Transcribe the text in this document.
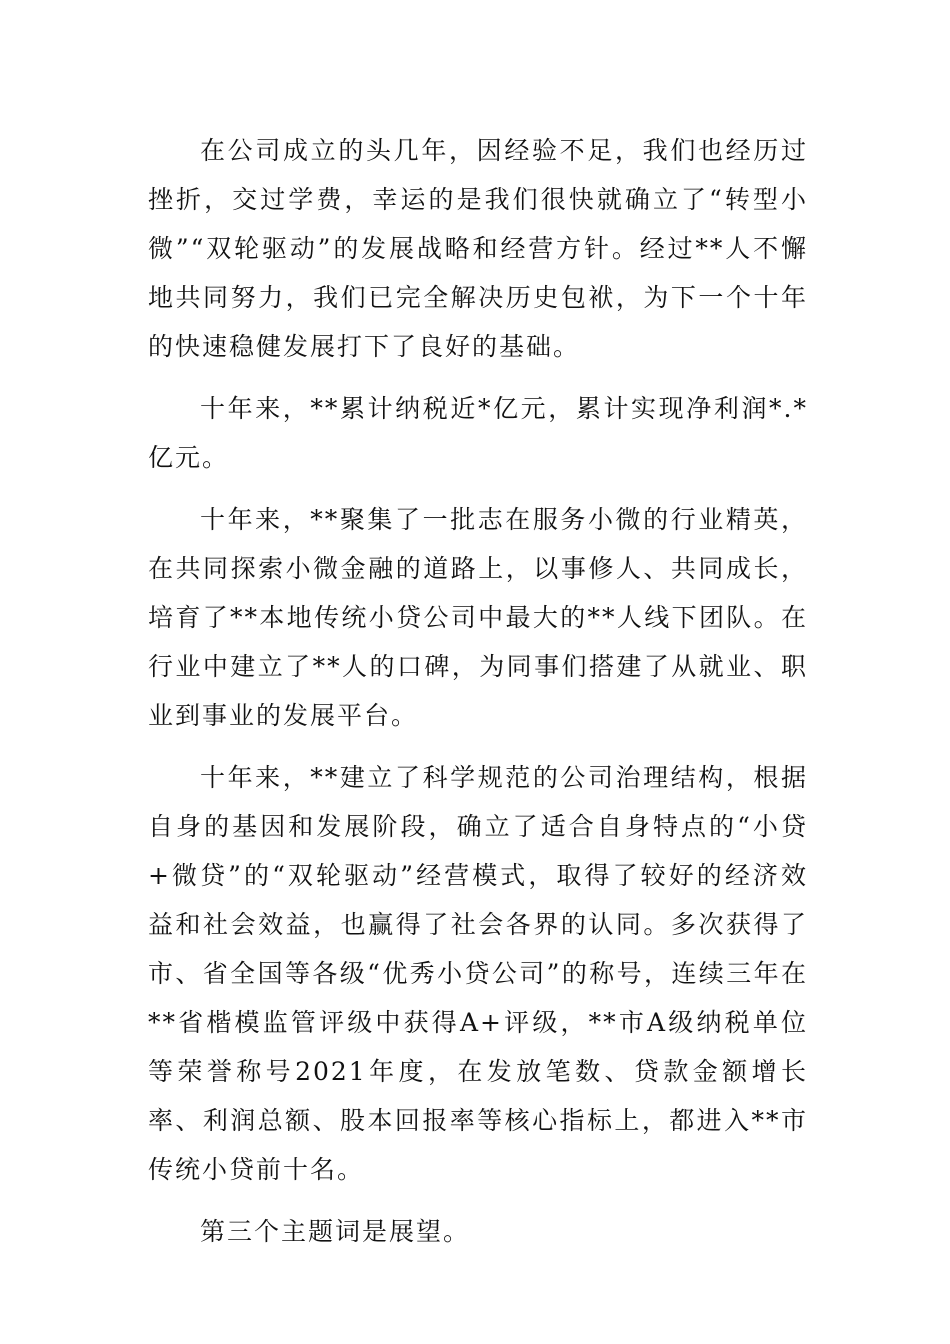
在公司成立的头几年，因经验不足，我们也经历过挫折，交过学费，幸运的是我们很快就确立了“转型小微”“双轮驱动”的发展战略和经营方针。经过**人不懈地共同努力，我们已完全解决历史包袱，为下一个十年的快速稳健发展打下了良好的基础。

十年来，**累计纳税近*亿元，累计实现净利润*.*亿元。

十年来，**聚集了一批志在服务小微的行业精英，在共同探索小微金融的道路上，以事修人、共同成长，培育了**本地传统小贷公司中最大的**人线下团队。在行业中建立了**人的口碑，为同事们搭建了从就业、职业到事业的发展平台。

十年来，**建立了科学规范的公司治理结构，根据自身的基因和发展阶段，确立了适合自身特点的“小贷+微贷”的“双轮驱动”经营模式，取得了较好的经济效益和社会效益，也赢得了社会各界的认同。多次获得了市、省全国等各级“优秀小贷公司”的称号，连续三年在**省楷模监管评级中获得A+评级，**市A级纳税单位等荣誉称号2021年度，在发放笔数、贷款金额增长率、利润总额、股本回报率等核心指标上，都进入**市传统小贷前十名。

第三个主题词是展望。
